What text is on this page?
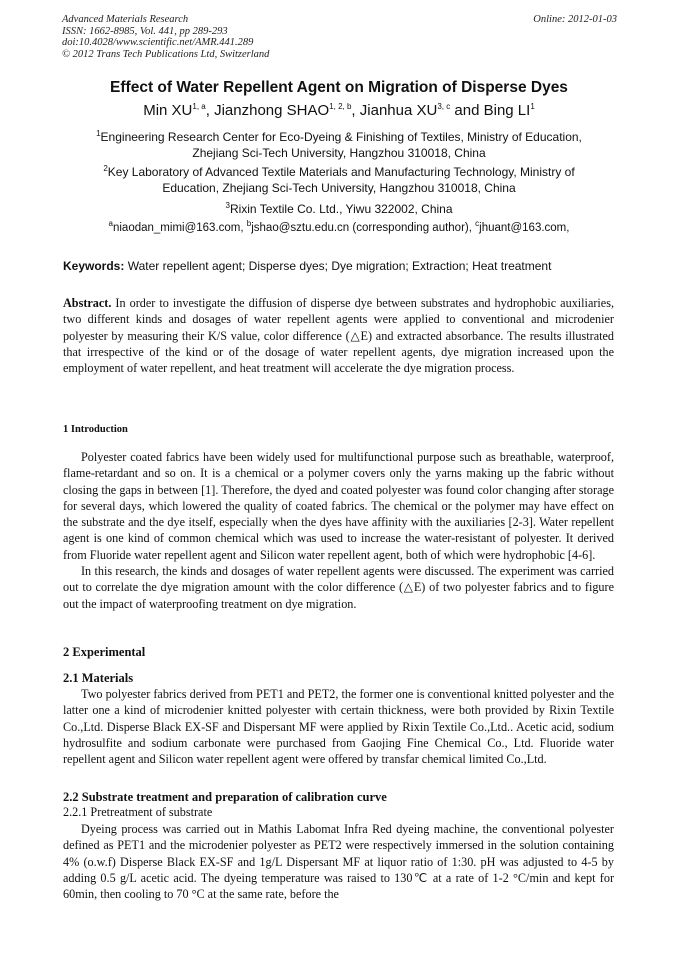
Advanced Materials Research
ISSN: 1662-8985, Vol. 441, pp 289-293
doi:10.4028/www.scientific.net/AMR.441.289
© 2012 Trans Tech Publications Ltd, Switzerland
Online: 2012-01-03
Effect of Water Repellent Agent on Migration of Disperse Dyes
Min XU$^{1, a}$, Jianzhong SHAO$^{1, 2, b}$, Jianhua XU$^{3, c}$ and Bing $LI^1$
$^1$Engineering Research Center for Eco-Dyeing & Finishing of Textiles, Ministry of Education,
Zhejiang Sci-Tech University, Hangzhou 310018, China
$^2$Key Laboratory of Advanced Textile Materials and Manufacturing Technology, Ministry of
Education, Zhejiang Sci-Tech University, Hangzhou 310018, China
$^3$Rixin Textile Co. Ltd., Yiwu 322002, China
$^a$niaodan_mimi@163.com, $^b$jshao@sztu.edu.cn (corresponding author), $^c$jhuant@163.com,
Keywords: Water repellent agent; Disperse dyes; Dye migration; Extraction; Heat treatment
Abstract. In order to investigate the diffusion of disperse dye between substrates and hydrophobic auxiliaries, two different kinds and dosages of water repellent agents were applied to conventional and microdenier polyester by measuring their K/S value, color difference (△E) and extracted absorbance. The results illustrated that irrespective of the kind or of the dosage of water repellent agents, dye migration increased upon the employment of water repellent, and heat treatment will accelerate the dye migration process.
1 Introduction

Polyester coated fabrics have been widely used for multifunctional purpose such as breathable, waterproof, flame-retardant and so on. It is a chemical or a polymer covers only the yarns making up the fabric without closing the gaps in between [1]. Therefore, the dyed and coated polyester was found color changing after storage for several days, which lowered the quality of coated fabrics. The chemical or the polymer may have effect on the substrate and the dye itself, especially when the dyes have affinity with the auxiliaries [2-3]. Water repellent agent is one kind of common chemical which was used to increase the water-resistant of polyester. It derived from Fluoride water repellent agent and Silicon water repellent agent, both of which were hydrophobic [4-6].

In this research, the kinds and dosages of water repellent agents were discussed. The experiment was carried out to correlate the dye migration amount with the color difference (△E) of two polyester fabrics and to figure out the impact of waterproofing treatment on dye migration.

2 Experimental
2.1 Materials

Two polyester fabrics derived from PET1 and PET2, the former one is conventional knitted polyester and the latter one a kind of microdenier knitted polyester with certain thickness, were both provided by Rixin Textile Co.,Ltd. Disperse Black EX-SF and Dispersant MF were applied by Rixin Textile Co.,Ltd.. Acetic acid, sodium hydrosulfite and sodium carbonate were purchased from Gaojing Fine Chemical Co., Ltd. Fluoride water repellent agent and Silicon water repellent agent were offered by transfar chemical limited Co.,Ltd.

2.2 Substrate treatment and preparation of calibration curve
2.2.1 Pretreatment of substrate

Dyeing process was carried out in Mathis Labomat Infra Red dyeing machine, the conventional polyester defined as PET1 and the microdenier polyester as PET2 were respectively immersed in the solution containing 4% (o.w.f) Disperse Black EX-SF and 1g/L Dispersant MF at liquor ratio of 1:30. pH was adjusted to 4-5 by adding 0.5 g/L acetic acid. The dyeing temperature was raised to 130℃ at a rate of 1-2 °C/min and kept for 60min, then cooling to 70 °C at the same rate, before the
